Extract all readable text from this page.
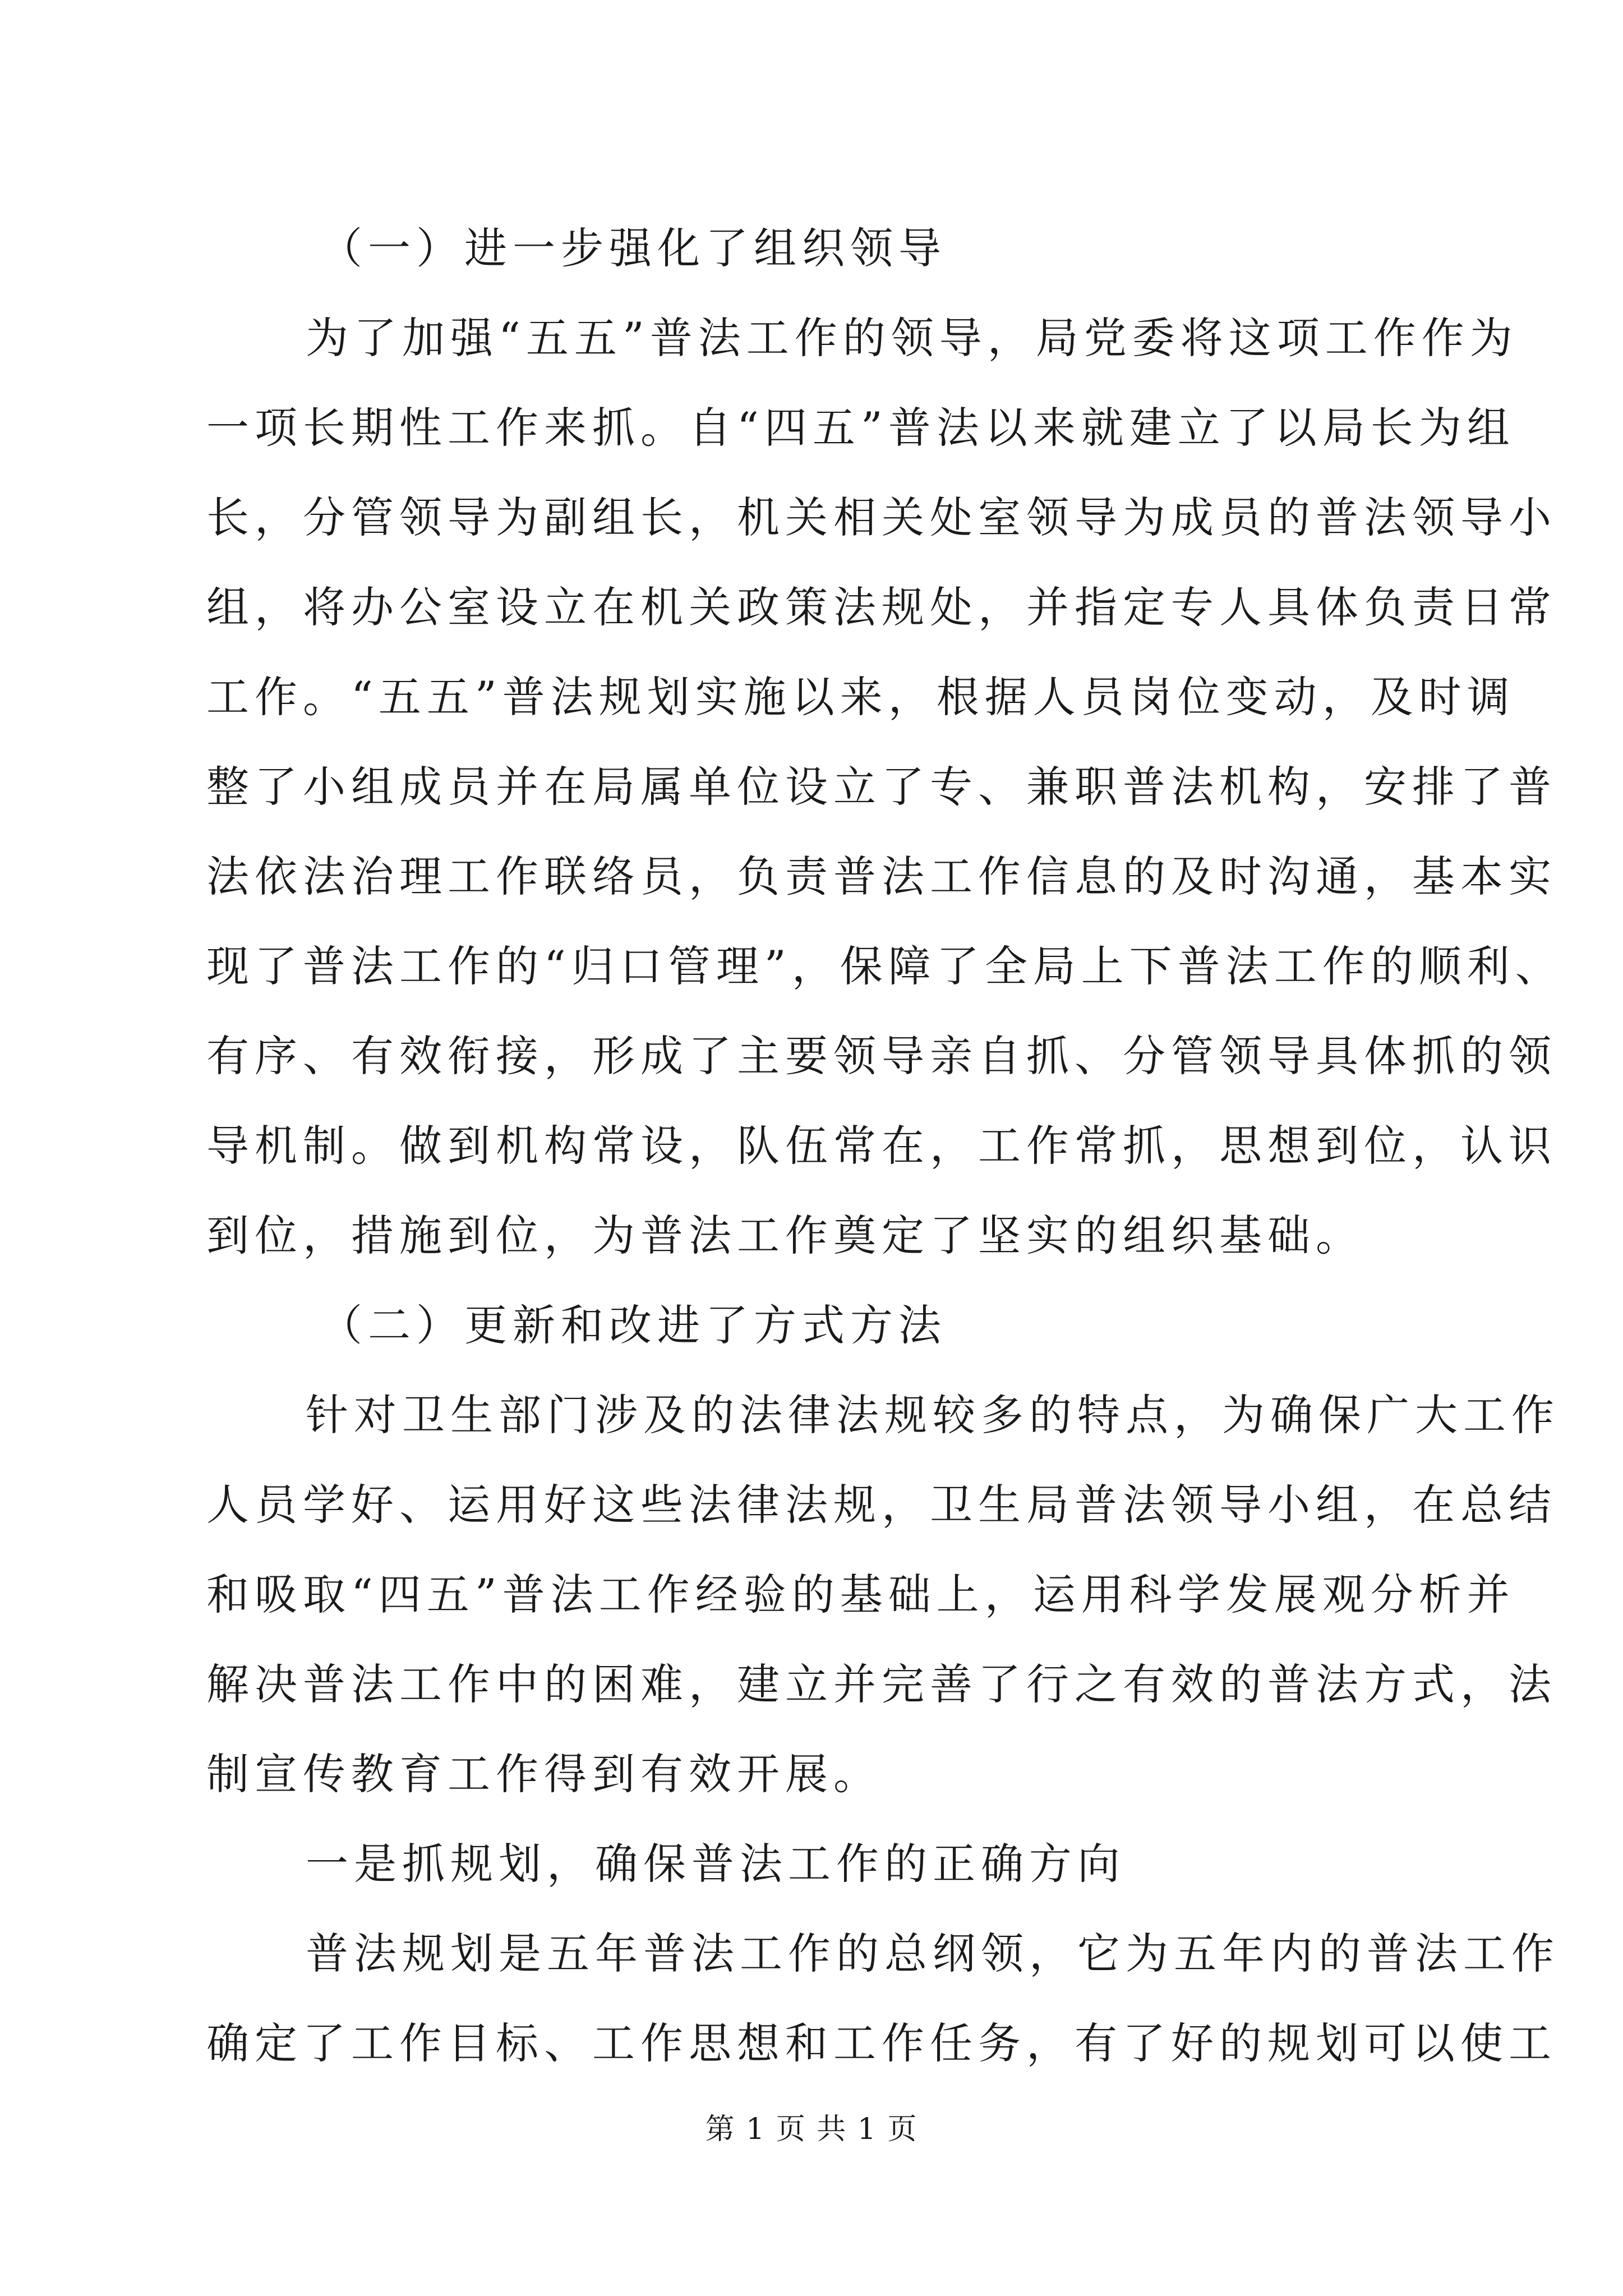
（一）进一步强化了组织领导
为了加强“五五”普法工作的领导，局党委将这项工作作为
一项长期性工作来抓。自“四五”普法以来就建立了以局长为组
长，分管领导为副组长，机关相关处室领导为成员的普法领导小
组，将办公室设立在机关政策法规处，并指定专人具体负责日常
工作。“五五”普法规划实施以来，根据人员岗位变动，及时调
整了小组成员并在局属单位设立了专、兼职普法机构，安排了普
法依法治理工作联络员，负责普法工作信息的及时沟通，基本实
现了普法工作的“归口管理”，保障了全局上下普法工作的顺利、
有序、有效衔接，形成了主要领导亲自抓、分管领导具体抓的领
导机制。做到机构常设，队伍常在，工作常抓，思想到位，认识
到位，措施到位，为普法工作奠定了坚实的组织基础。
（二）更新和改进了方式方法
针对卫生部门涉及的法律法规较多的特点，为确保广大工作
人员学好、运用好这些法律法规，卫生局普法领导小组，在总结
和吸取“四五”普法工作经验的基础上，运用科学发展观分析并
解决普法工作中的困难，建立并完善了行之有效的普法方式，法
制宣传教育工作得到有效开展。
一是抓规划，确保普法工作的正确方向
普法规划是五年普法工作的总纲领，它为五年内的普法工作
第 1 页 共 1 页
确定了工作目标、工作思想和工作任务，有了好的规划可以使工
